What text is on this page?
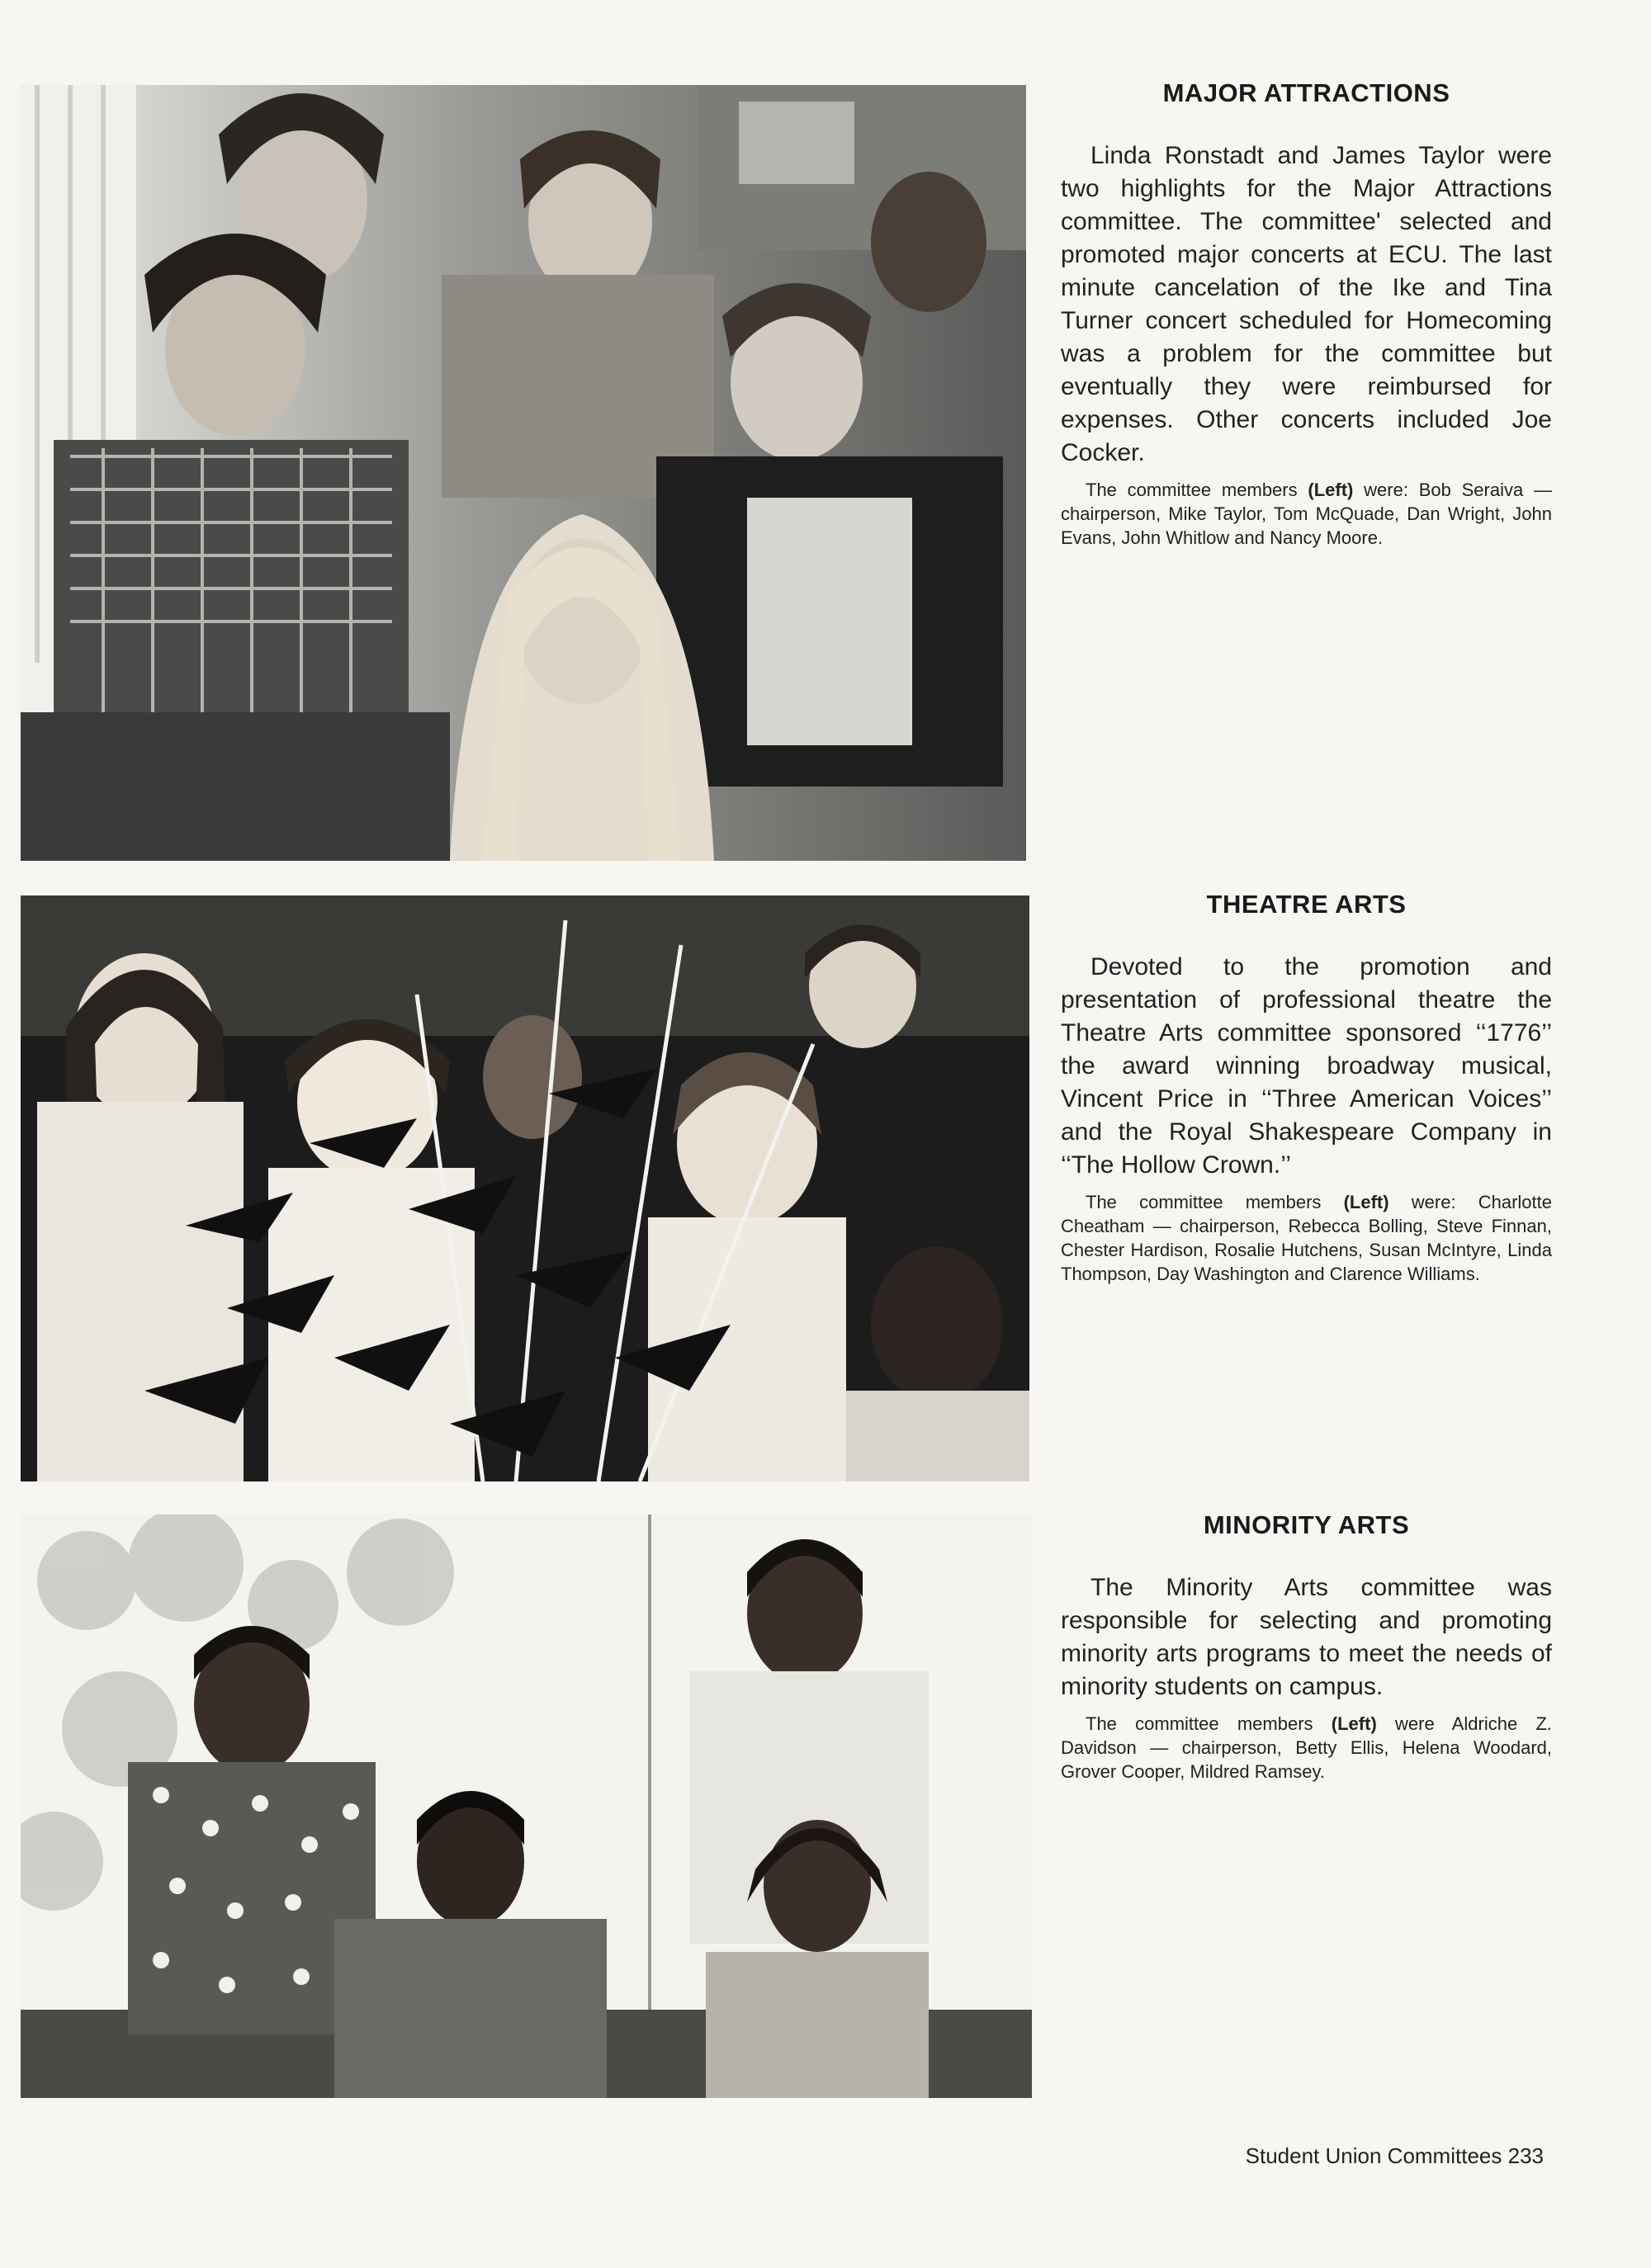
MAJOR ATTRACTIONS

Linda Ronstadt and James Taylor were two highlights for the Major Attractions committee. The committee' selected and promoted major concerts at ECU. The last minute cancelation of the Ike and Tina Turner concert scheduled for Homecoming was a problem for the committee but eventually they were reimbursed for expenses. Other concerts included Joe Cocker.

The committee members (Left) were: Bob Seraiva — chairperson, Mike Taylor, Tom McQuade, Dan Wright, John Evans, John Whitlow and Nancy Moore.

THEATRE ARTS

Devoted to the promotion and presentation of professional theatre the Theatre Arts committee sponsored ‘‘1776’’ the award winning broadway musical, Vincent Price in ‘‘Three American Voices’’ and the Royal Shakespeare Company in ‘‘The Hollow Crown.’’

The committee members (Left) were: Charlotte Cheatham — chairperson, Rebecca Bolling, Steve Finnan, Chester Hardison, Rosalie Hutchens, Susan McIntyre, Linda Thompson, Day Washington and Clarence Williams.

MINORITY ARTS

The Minority Arts committee was responsible for selecting and promoting minority arts programs to meet the needs of minority students on campus.

The committee members (Left) were Aldriche Z. Davidson — chairperson, Betty Ellis, Helena Woodard, Grover Cooper, Mildred Ramsey.

Student Union Committees 233
